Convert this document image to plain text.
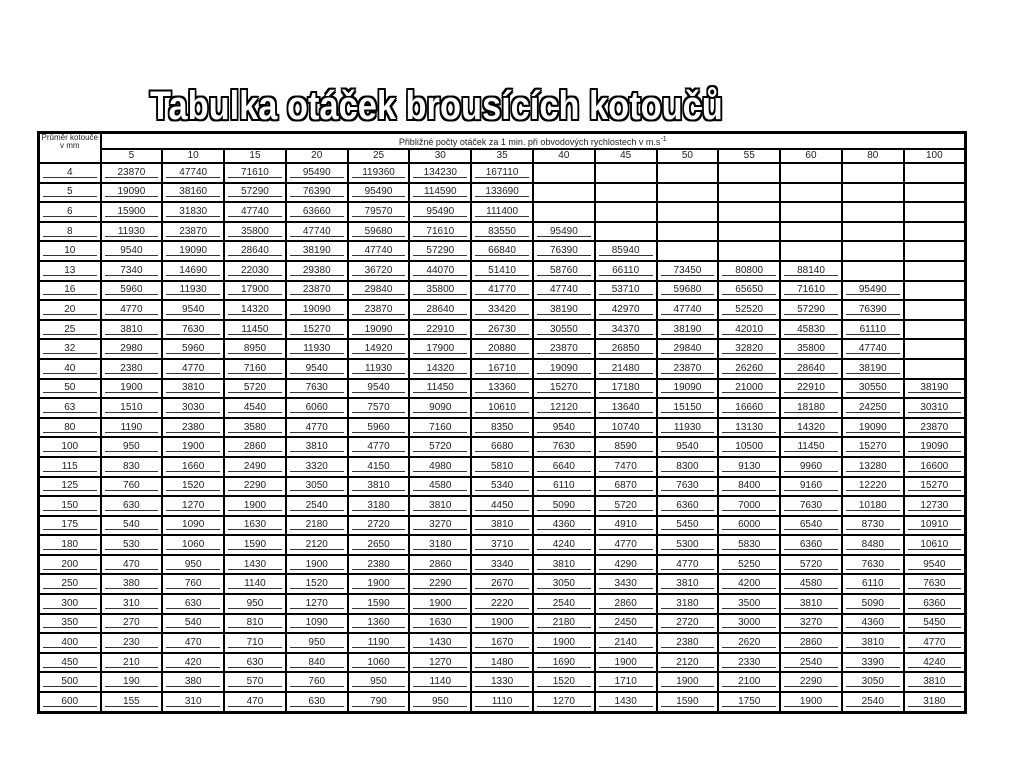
Tabulka otáček brousících kotoučů
Průměr kotouče v mm	Přibližné počty otáček za 1 min. při obvodových rychlostech v $m.s^{-1}$
	5	10	15	20	25	30	35	40	45	50	55	60	80	100

4	23870	47740	71610	95490	119360	134230	167110							

5	19090	38160	57290	76390	95490	114590	133690							

6	15900	31830	47740	63660	79570	95490	111400							

8	11930	23870	35800	47740	59680	71610	83550	95490						

10	9540	19090	28640	38190	47740	57290	66840	76390	85940					

13	7340	14690	22030	29380	36720	44070	51410	58760	66110	73450	80800	88140		

16	5960	11930	17900	23870	29840	35800	41770	47740	53710	59680	65650	71610	95490	

20	4770	9540	14320	19090	23870	28640	33420	38190	42970	47740	52520	57290	76390	

25	3810	7630	11450	15270	19090	22910	26730	30550	34370	38190	42010	45830	61110	

32	2980	5960	8950	11930	14920	17900	20880	23870	26850	29840	32820	35800	47740	

40	2380	4770	7160	9540	11930	14320	16710	19090	21480	23870	26260	28640	38190	

50	1900	3810	5720	7630	9540	11450	13360	15270	17180	19090	21000	22910	30550	38190

63	1510	3030	4540	6060	7570	9090	10610	12120	13640	15150	16660	18180	24250	30310

80	1190	2380	3580	4770	5960	7160	8350	9540	10740	11930	13130	14320	19090	23870

100	950	1900	2860	3810	4770	5720	6680	7630	8590	9540	10500	11450	15270	19090

115	830	1660	2490	3320	4150	4980	5810	6640	7470	8300	9130	9960	13280	16600

125	760	1520	2290	3050	3810	4580	5340	6110	6870	7630	8400	9160	12220	15270

150	630	1270	1900	2540	3180	3810	4450	5090	5720	6360	7000	7630	10180	12730

175	540	1090	1630	2180	2720	3270	3810	4360	4910	5450	6000	6540	8730	10910

180	530	1060	1590	2120	2650	3180	3710	4240	4770	5300	5830	6360	8480	10610

200	470	950	1430	1900	2380	2860	3340	3810	4290	4770	5250	5720	7630	9540

250	380	760	1140	1520	1900	2290	2670	3050	3430	3810	4200	4580	6110	7630

300	310	630	950	1270	1590	1900	2220	2540	2860	3180	3500	3810	5090	6360

350	270	540	810	1090	1360	1630	1900	2180	2450	2720	3000	3270	4360	5450

400	230	470	710	950	1190	1430	1670	1900	2140	2380	2620	2860	3810	4770

450	210	420	630	840	1060	1270	1480	1690	1900	2120	2330	2540	3390	4240

500	190	380	570	760	950	1140	1330	1520	1710	1900	2100	2290	3050	3810

600	155	310	470	630	790	950	1110	1270	1430	1590	1750	1900	2540	3180
